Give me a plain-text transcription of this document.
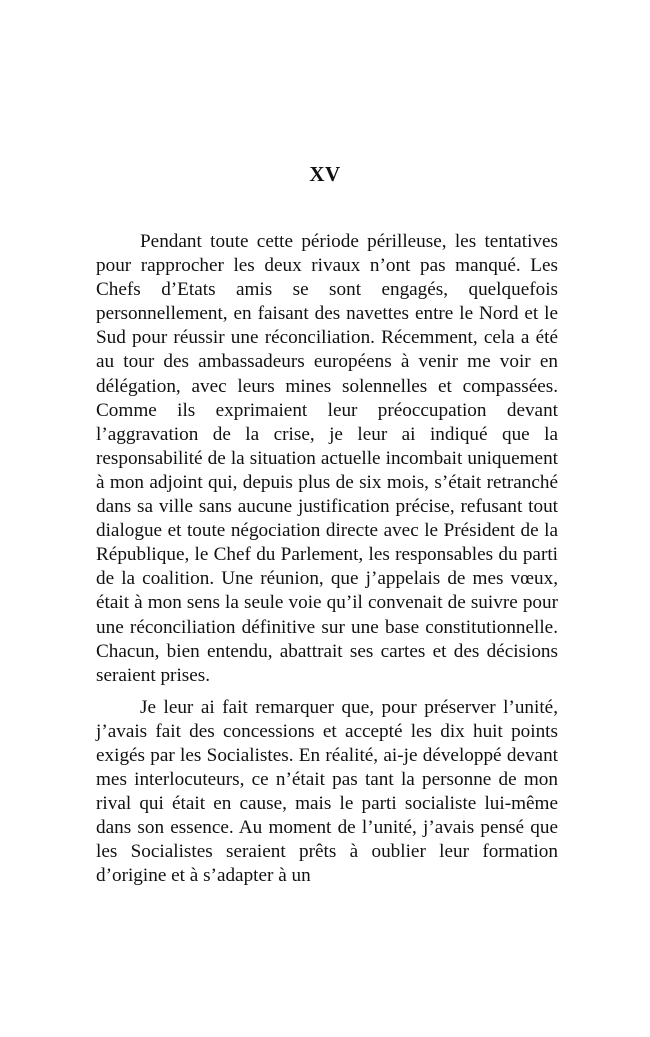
XV

Pendant toute cette période périlleuse, les tentatives pour rapprocher les deux rivaux n’ont pas manqué. Les Chefs d’Etats amis se sont engagés, quelquefois personnellement, en faisant des navettes entre le Nord et le Sud pour réussir une réconciliation. Récemment, cela a été au tour des ambassadeurs européens à venir me voir en délégation, avec leurs mines solennelles et compassées. Comme ils exprimaient leur préoccupation devant l’aggravation de la crise, je leur ai indiqué que la responsabilité de la situation actuelle incombait uniquement à mon adjoint qui, depuis plus de six mois, s’était retranché dans sa ville sans aucune justification précise, refusant tout dialogue et toute négociation directe avec le Président de la République, le Chef du Parlement, les responsables du parti de la coalition. Une réunion, que j’appelais de mes vœux, était à mon sens la seule voie qu’il convenait de suivre pour une réconciliation définitive sur une base constitutionnelle. Chacun, bien entendu, abattrait ses cartes et des décisions seraient prises.

Je leur ai fait remarquer que, pour préserver l’unité, j’avais fait des concessions et accepté les dix huit points exigés par les Socialistes. En réalité, ai-je développé devant mes interlocuteurs, ce n’était pas tant la personne de mon rival qui était en cause, mais le parti socialiste lui-même dans son essence. Au moment de l’unité, j’avais pensé que les Socialistes seraient prêts à oublier leur formation d’origine et à s’adapter à un
